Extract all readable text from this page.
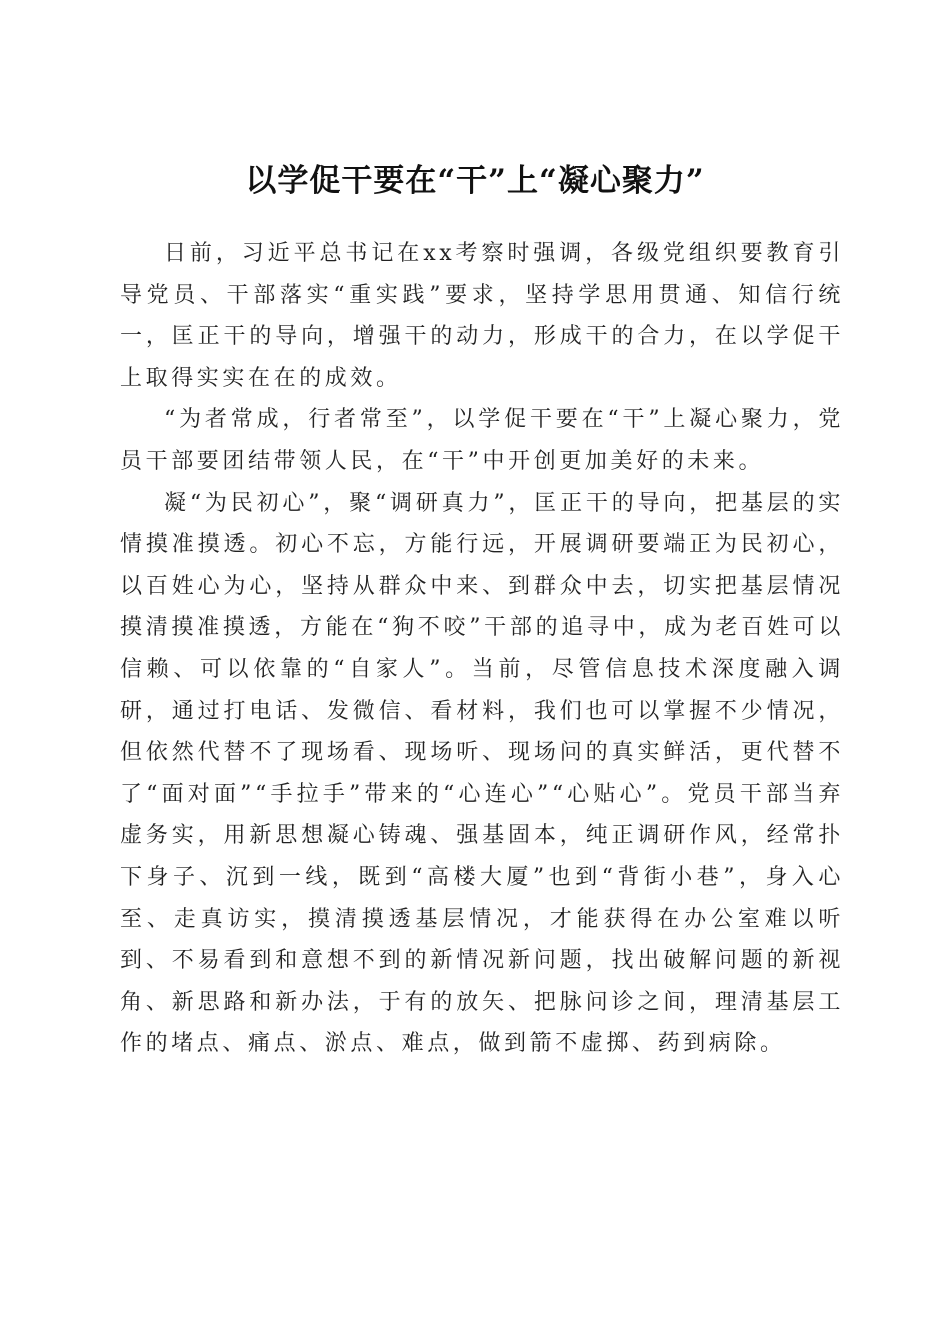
以学促干要在“干”上“凝心聚力”

日前，习近平总书记在xx考察时强调，各级党组织要教育引导党员、干部落实“重实践”要求，坚持学思用贯通、知信行统一，匡正干的导向，增强干的动力，形成干的合力，在以学促干上取得实实在在的成效。

“为者常成，行者常至”，以学促干要在“干”上凝心聚力，党员干部要团结带领人民，在“干”中开创更加美好的未来。

凝“为民初心”，聚“调研真力”，匡正干的导向，把基层的实情摸准摸透。初心不忘，方能行远，开展调研要端正为民初心，以百姓心为心，坚持从群众中来、到群众中去，切实把基层情况摸清摸准摸透，方能在“狗不咬”干部的追寻中，成为老百姓可以信赖、可以依靠的“自家人”。当前，尽管信息技术深度融入调研，通过打电话、发微信、看材料，我们也可以掌握不少情况，但依然代替不了现场看、现场听、现场问的真实鲜活，更代替不了“面对面”“手拉手”带来的“心连心”“心贴心”。党员干部当弃虚务实，用新思想凝心铸魂、强基固本，纯正调研作风，经常扑下身子、沉到一线，既到“高楼大厦”也到“背街小巷”，身入心至、走真访实，摸清摸透基层情况，才能获得在办公室难以听到、不易看到和意想不到的新情况新问题，找出破解问题的新视角、新思路和新办法，于有的放矢、把脉问诊之间，理清基层工作的堵点、痛点、淤点、难点，做到箭不虚掷、药到病除。
